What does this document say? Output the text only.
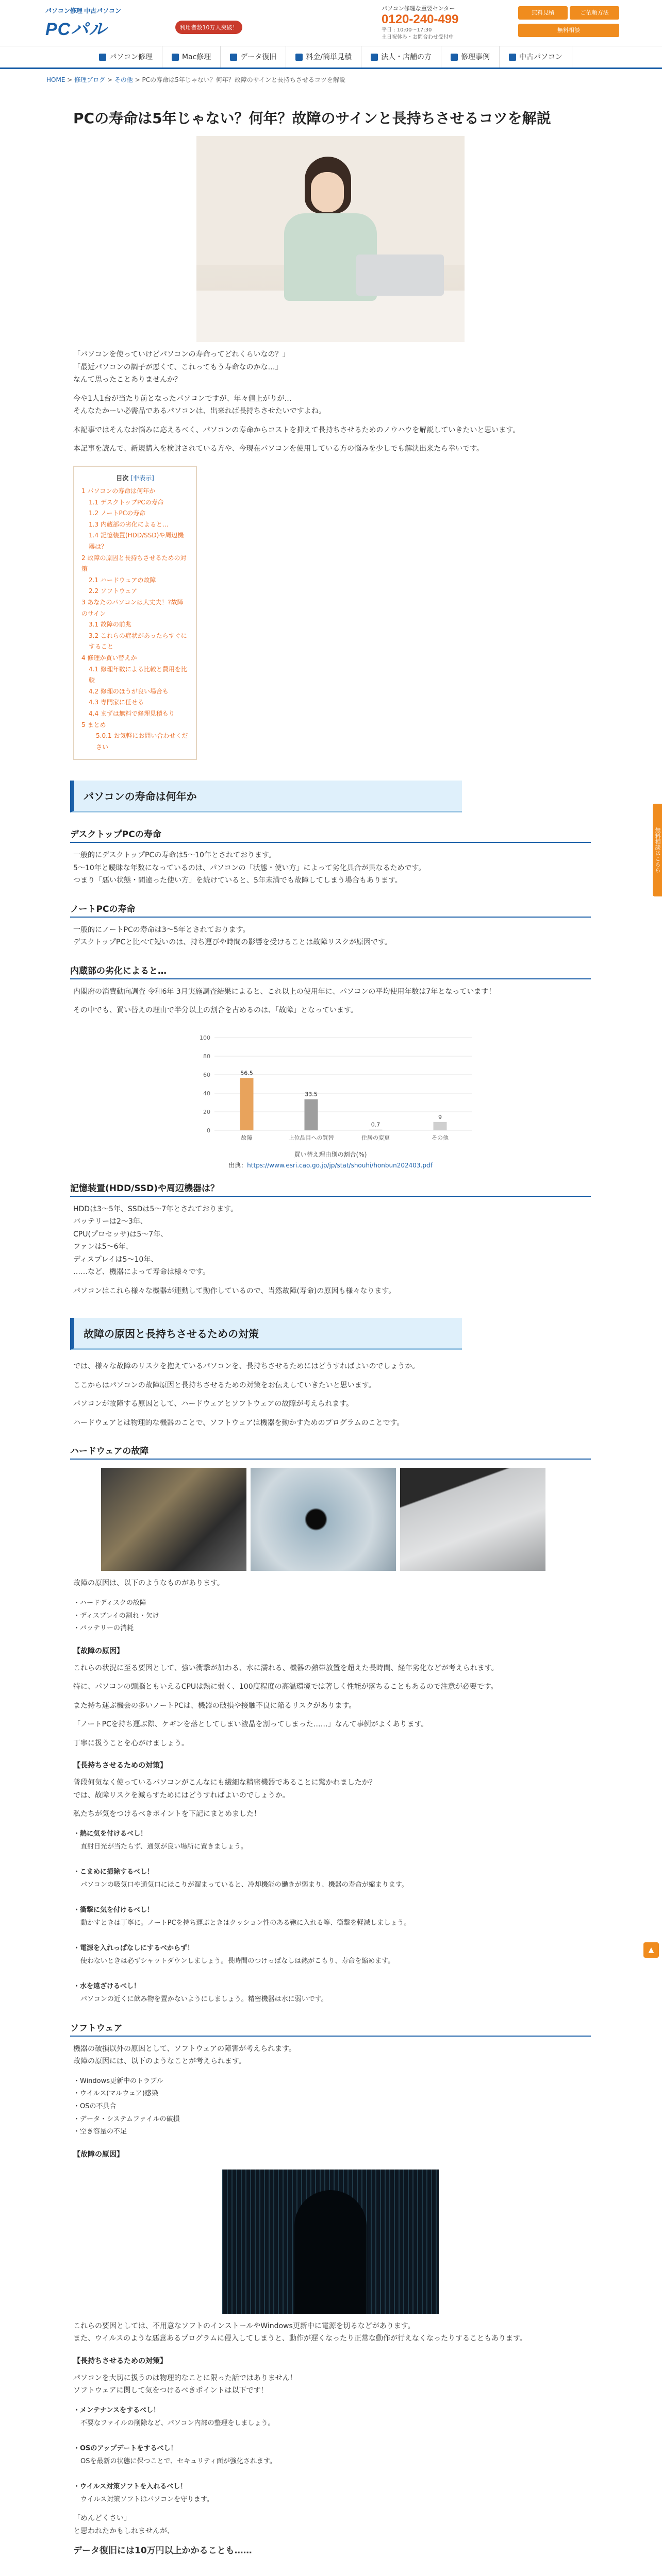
パソコン修理 中古パソコン
PCパル	利用者数10万人突破！
パソコン修理な重要センター
0120-240-499
平日 : 10:00～17:30
土日祝休み・お問合わせ受付中
無料見積	ご依頼方法
無料相談
パソコン修理	Mac修理	データ復旧	料金/簡単見積	法人・店舗の方	修理事例	中古パソコン
HOME > 修理ブログ > その他 > PCの寿命は5年じゃない？何年？故障のサインと長持ちさせるコツを解説
PCの寿命は5年じゃない？何年？故障のサインと長持ちさせるコツを解説
「パソコンを使っていけどパソコンの寿命ってどれくらいなの？」
「最近パソコンの調子が悪くて、これってもう寿命なのかな…」
なんて思ったことありませんか？
今や1人1台が当たり前となったパソコンですが、年々値上がりが…
そんなたかーい必需品であるパソコンは、出来れば長持ちさせたいですよね。
本記事ではそんなお悩みに応えるべく、パソコンの寿命からコストを抑えて長持ちさせるためのノウハウを解説していきたいと思います。
本記事を読んで、新規購入を検討されている方や、今現在パソコンを使用している方の悩みを少しでも解決出来たら幸いです。
目次 [非表示]
1 パソコンの寿命は何年か
1.1 デスクトップPCの寿命
1.2 ノートPCの寿命
1.3 内蔵部の劣化によると…
1.4 記憶装置(HDD/SSD)や周辺機器は？
2 故障の原因と長持ちさせるための対策
2.1 ハードウェアの故障
2.2 ソフトウェア
3 あなたのパソコンは大丈夫！?故障のサイン
3.1 故障の前兆
3.2 これらの症状があったらすぐにすること
4 修理か買い替えか
4.1 修理年数による比較と費用を比較
4.2 修理のほうが良い場合も
4.3 専門家に任せる
4.4 まずは無料で修理見積もり
5 まとめ
5.0.1 お気軽にお問い合わせください
パソコンの寿命は何年か
デスクトップPCの寿命
一般的にデスクトップPCの寿命は5～10年とされております。
5～10年と曖昧な年数になっているのは、パソコンの「状態・使い方」によって劣化具合が異なるためです。
つまり「悪い状態・間違った使い方」を続けていると、5年未満でも故障してしまう場合もあります。
ノートPCの寿命
一般的にノートPCの寿命は3～5年とされております。
デスクトップPCと比べて短いのは、持ち運びや時間の影響を受けることは故障リスクが原因です。
内蔵部の劣化によると…
内閣府の消費動向調査 令和6年 3月実施調査結果によると、これ以上の使用年に、パソコンの平均使用年数は7年となっています！
その中でも、買い替えの理由で半分以上の割合を占めるのは、「故障」となっています。
0
20
40
60
80
100
56.5
故障
33.5
上位品目への買替
0.7
住居の変更
9
その他
買い替え理由別の割合(%)
出典：https://www.esri.cao.go.jp/jp/stat/shouhi/honbun202403.pdf
記憶装置(HDD/SSD)や周辺機器は？
HDDは3～5年、SSDは5～7年とされております。
バッテリーは2～3年、
CPU(プロセッサ)は5～7年、
ファンは5～6年、
ディスプレイは5～10年、
……など、機器によって寿命は様々です。
パソコンはこれら様々な機器が連動して動作しているので、当然故障(寿命)の原因も様々なります。
故障の原因と長持ちさせるための対策
では、様々な故障のリスクを抱えているパソコンを、長持ちさせるためにはどうすればよいのでしょうか。
ここからはパソコンの故障原因と長持ちさせるための対策をお伝えしていきたいと思います。
パソコンが故障する原因として、ハードウェアとソフトウェアの故障が考えられます。
ハードウェアとは物理的な機器のことで、ソフトウェアは機器を動かすためのプログラムのことです。
ハードウェアの故障
故障の原因は、以下のようなものがあります。
・ハードディスクの故障
・ディスプレイの割れ・欠け
・バッテリーの消耗
【故障の原因】
これらの状況に至る要因として、強い衝撃が加わる、水に濡れる、機器の熱帯放置を超えた長時間、経年劣化などが考えられます。
特に、パソコンの頭脳ともいえるCPUは熱に弱く、100度程度の高温環境では著しく性能が落ちることもあるので注意が必要です。
また持ち運ぶ機会の多いノートPCは、機器の破損や接触不良に陥るリスクがあります。
「ノートPCを持ち運ぶ際、ケギンを落としてしまい液晶を割ってしまった……」なんて事例がよくあります。
丁寧に扱うことを心がけましょう。
【長持ちさせるための対策】
普段何気なく使っているパソコンがこんなにも繊細な精密機器であることに驚かれましたか？
では、故障リスクを減らすためにはどうすればよいのでしょうか。
私たちが気をつけるべきポイントを下記にまとめました！
・熱に気を付けるべし！
直射日光が当たらず、通気が良い場所に置きましょう。

・こまめに掃除するべし！
パソコンの吸気口や通気口にほこりが溜まっていると、冷却機能の働きが弱まり、機器の寿命が縮まります。

・衝撃に気を付けるべし！
動かすときは丁寧に。ノートPCを持ち運ぶときはクッション性のある鞄に入れる等、衝撃を軽減しましょう。

・電源を入れっぱなしにするべからず！
使わないときは必ずシャットダウンしましょう。長時間のつけっぱなしは熱がこもり、寿命を縮めます。

・水を遠ざけるべし！
パソコンの近くに飲み物を置かないようにしましょう。精密機器は水に弱いです。
ソフトウェア
機器の破損以外の原因として、ソフトウェアの障害が考えられます。
故障の原因には、以下のようなことが考えられます。
・Windows更新中のトラブル
・ウイルス(マルウェア)感染
・OSの不具合
・データ・システムファイルの破損
・空き容量の不足
【故障の原因】
これらの要因としては、不用意なソフトのインストールやWindows更新中に電源を切るなどがあります。
また、ウイルスのような悪意あるプログラムに侵入してしまうと、動作が遅くなったり正常な動作が行えなくなったりすることもあります。
【長持ちさせるための対策】
パソコンを大切に扱うのは物理的なことに限った話ではありません！
ソフトウェアに関して気をつけるべきポイントは以下です！
・メンテナンスをするべし！
不要なファイルの削除など、パソコン内部の整理をしましょう。

・OSのアップデートをするべし！
OSを最新の状態に保つことで、セキュリティ面が強化されます。

・ウイルス対策ソフトを入れるべし！
ウイルス対策ソフトはパソコンを守ります。
「めんどくさい」
と思われたかもしれませんが、
データ復旧には10万円以上かかることも……
無料相談はこちら
▲
